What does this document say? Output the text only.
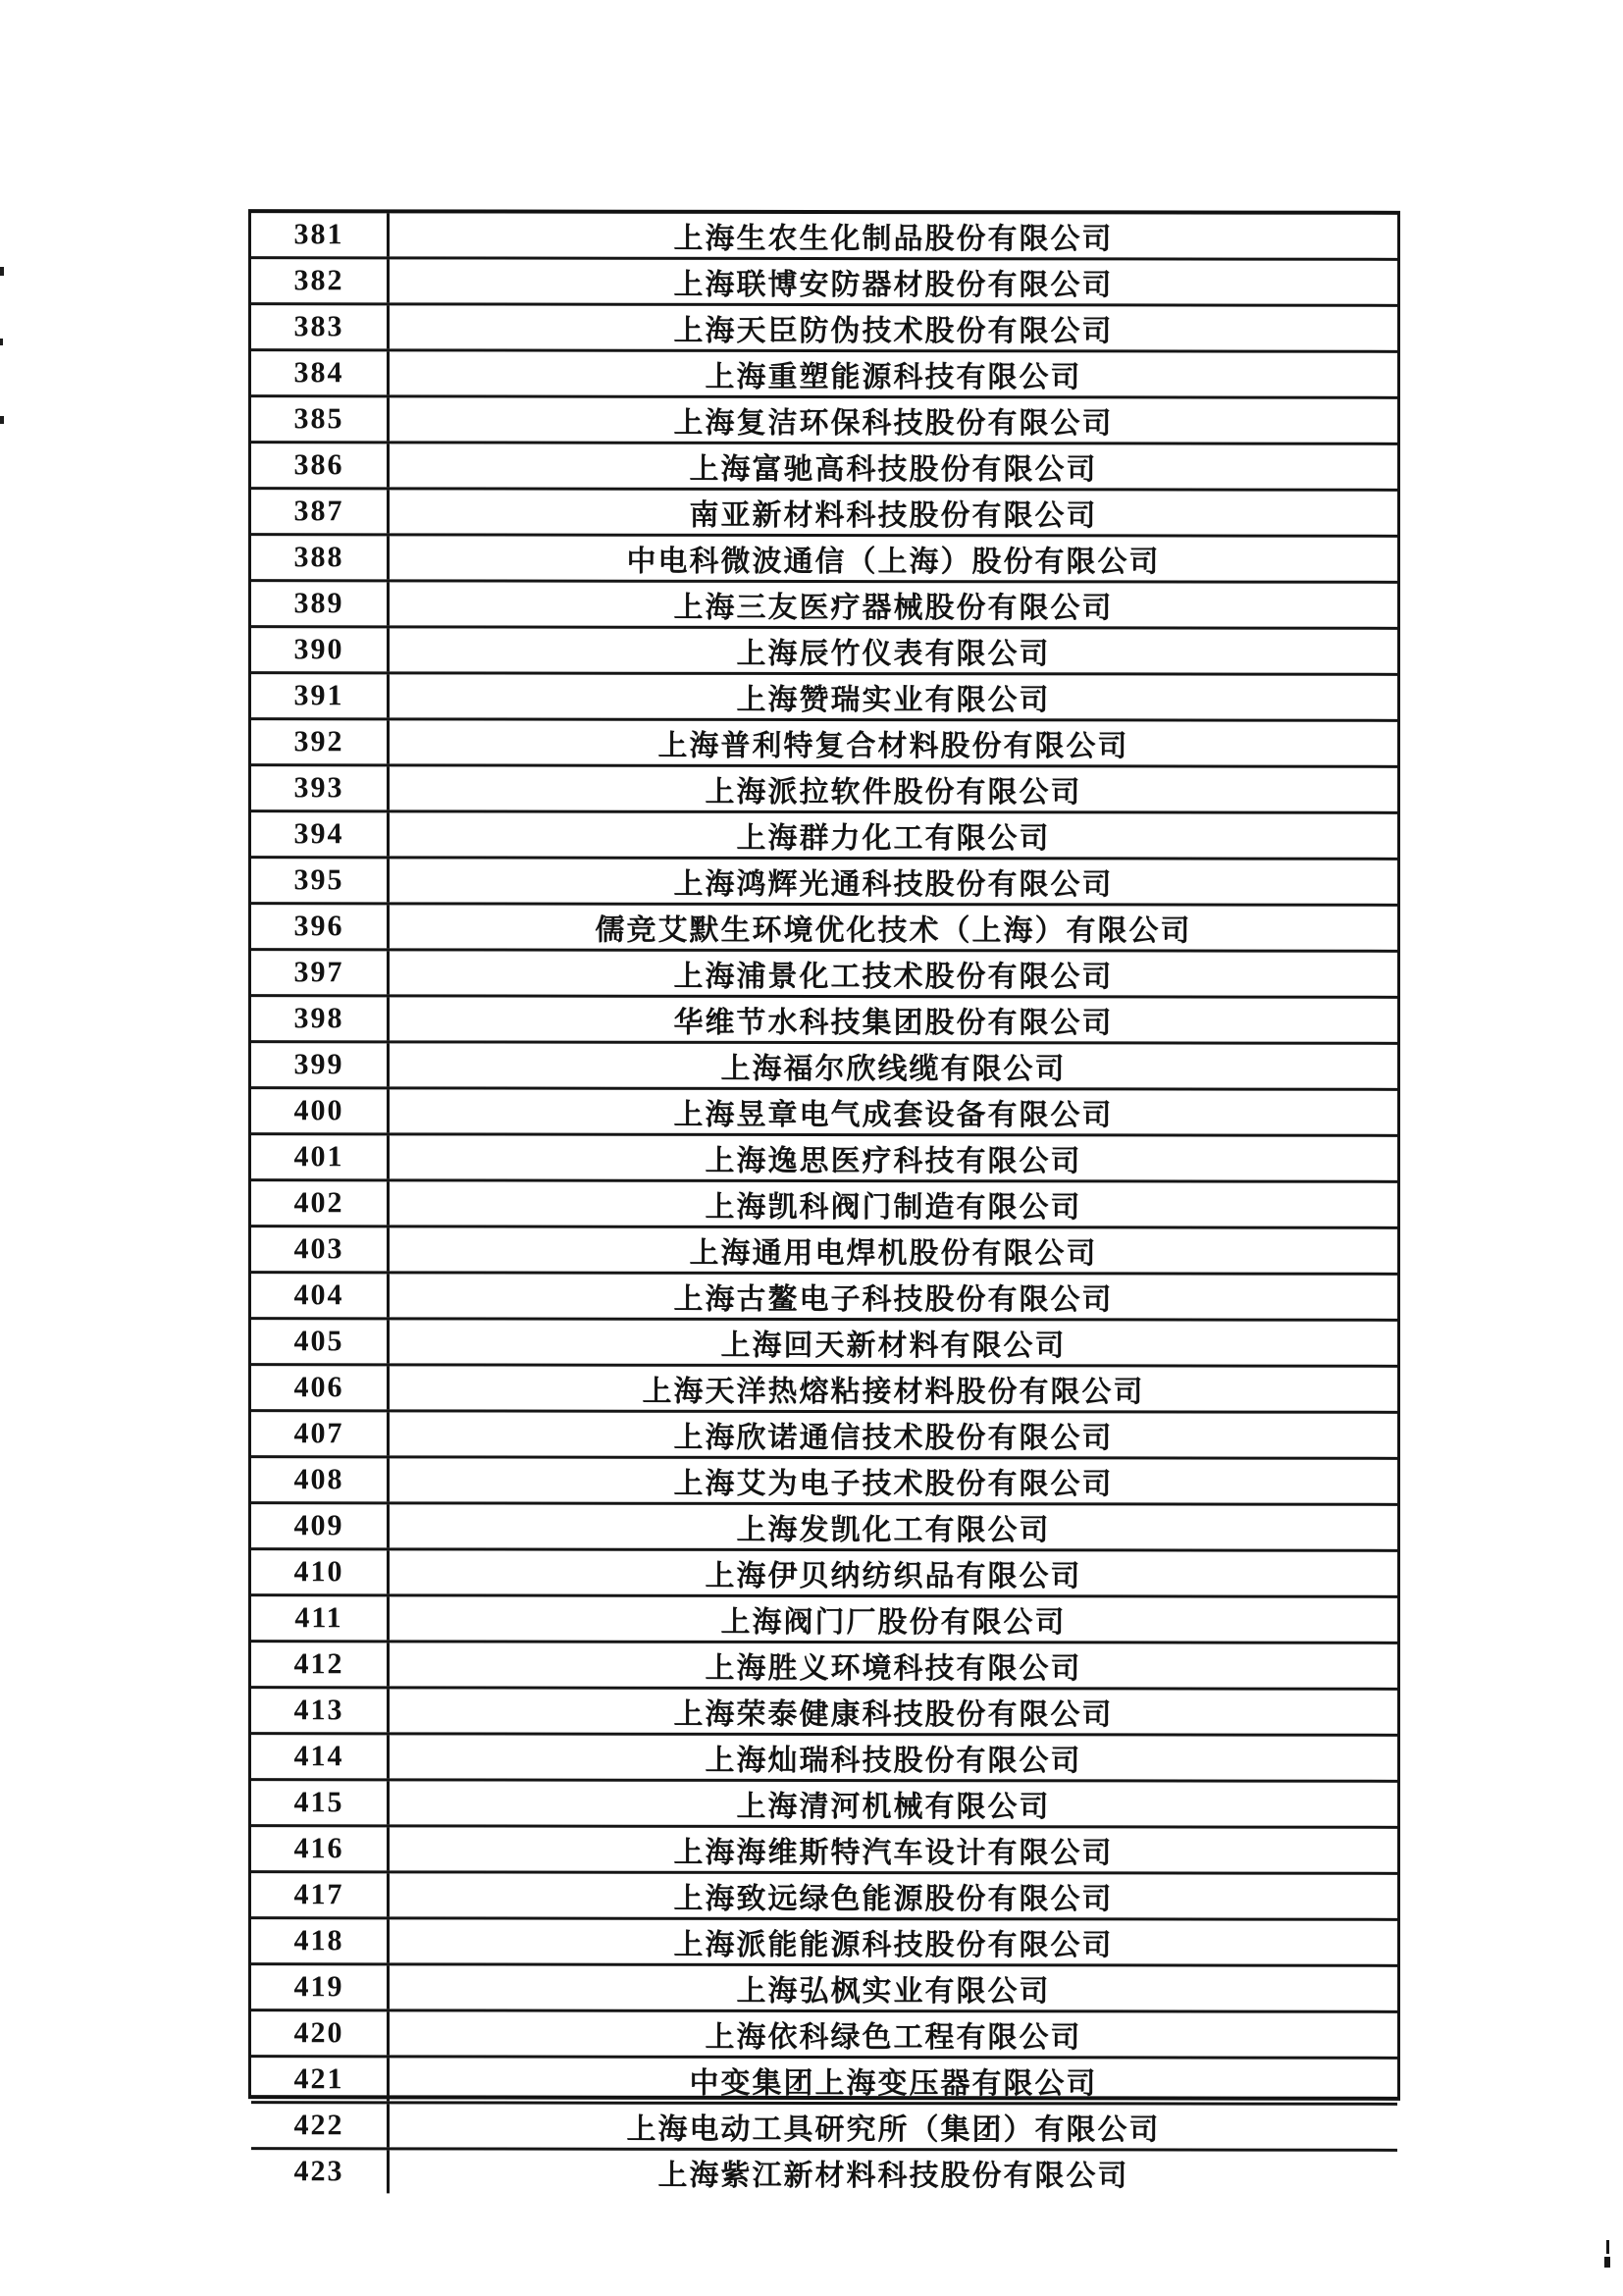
381	上海生农生化制品股份有限公司
382	上海联博安防器材股份有限公司
383	上海天臣防伪技术股份有限公司
384	上海重塑能源科技有限公司
385	上海复洁环保科技股份有限公司
386	上海富驰高科技股份有限公司
387	南亚新材料科技股份有限公司
388	中电科微波通信（上海）股份有限公司
389	上海三友医疗器械股份有限公司
390	上海辰竹仪表有限公司
391	上海赞瑞实业有限公司
392	上海普利特复合材料股份有限公司
393	上海派拉软件股份有限公司
394	上海群力化工有限公司
395	上海鸿辉光通科技股份有限公司
396	儒竞艾默生环境优化技术（上海）有限公司
397	上海浦景化工技术股份有限公司
398	华维节水科技集团股份有限公司
399	上海福尔欣线缆有限公司
400	上海昱章电气成套设备有限公司
401	上海逸思医疗科技有限公司
402	上海凯科阀门制造有限公司
403	上海通用电焊机股份有限公司
404	上海古鳌电子科技股份有限公司
405	上海回天新材料有限公司
406	上海天洋热熔粘接材料股份有限公司
407	上海欣诺通信技术股份有限公司
408	上海艾为电子技术股份有限公司
409	上海发凯化工有限公司
410	上海伊贝纳纺织品有限公司
411	上海阀门厂股份有限公司
412	上海胜义环境科技有限公司
413	上海荣泰健康科技股份有限公司
414	上海灿瑞科技股份有限公司
415	上海清河机械有限公司
416	上海海维斯特汽车设计有限公司
417	上海致远绿色能源股份有限公司
418	上海派能能源科技股份有限公司
419	上海弘枫实业有限公司
420	上海依科绿色工程有限公司
421	中变集团上海变压器有限公司
422	上海电动工具研究所（集团）有限公司
423	上海紫江新材料科技股份有限公司
